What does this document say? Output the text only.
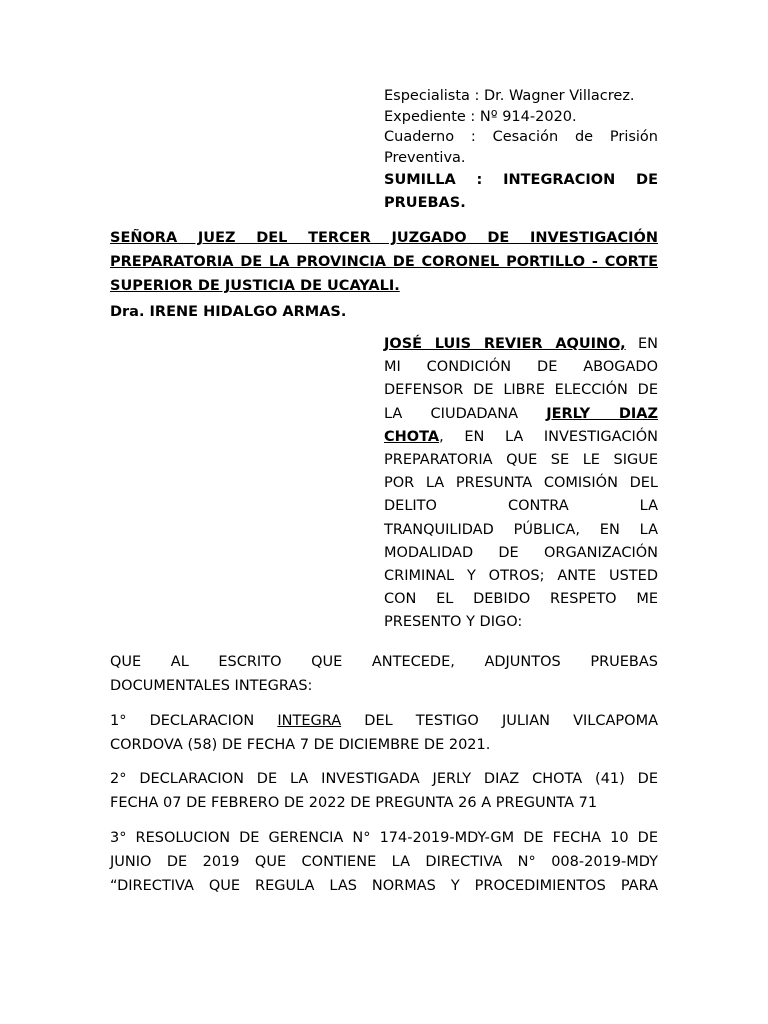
Especialista : Dr. Wagner Villacrez.
Expediente : Nº 914-2020.
Cuaderno : Cesación de Prisión
Preventiva.
SUMILLA : INTEGRACION DE
PRUEBAS.
SEÑORA JUEZ DEL TERCER JUZGADO DE INVESTIGACIÓN
PREPARATORIA DE LA PROVINCIA DE CORONEL PORTILLO - CORTE
SUPERIOR DE JUSTICIA DE UCAYALI.
Dra. IRENE HIDALGO ARMAS.
JOSÉ LUIS REVIER AQUINO, EN
MI CONDICIÓN DE ABOGADO
DEFENSOR DE LIBRE ELECCIÓN DE
LA CIUDADANA JERLY DIAZ
CHOTA, EN LA INVESTIGACIÓN
PREPARATORIA QUE SE LE SIGUE
POR LA PRESUNTA COMISIÓN DEL
DELITO CONTRA LA
TRANQUILIDAD PÚBLICA, EN LA
MODALIDAD DE ORGANIZACIÓN
CRIMINAL Y OTROS; ANTE USTED
CON EL DEBIDO RESPETO ME
PRESENTO Y DIGO:
QUE AL ESCRITO QUE ANTECEDE, ADJUNTOS PRUEBAS
DOCUMENTALES INTEGRAS:
1° DECLARACION INTEGRA DEL TESTIGO JULIAN VILCAPOMA
CORDOVA (58) DE FECHA 7 DE DICIEMBRE DE 2021.
2° DECLARACION DE LA INVESTIGADA JERLY DIAZ CHOTA (41) DE
FECHA 07 DE FEBRERO DE 2022 DE PREGUNTA 26 A PREGUNTA 71
3° RESOLUCION DE GERENCIA N° 174-2019-MDY-GM DE FECHA 10 DE
JUNIO DE 2019 QUE CONTIENE LA DIRECTIVA N° 008-2019-MDY
“DIRECTIVA QUE REGULA LAS NORMAS Y PROCEDIMIENTOS PARA
